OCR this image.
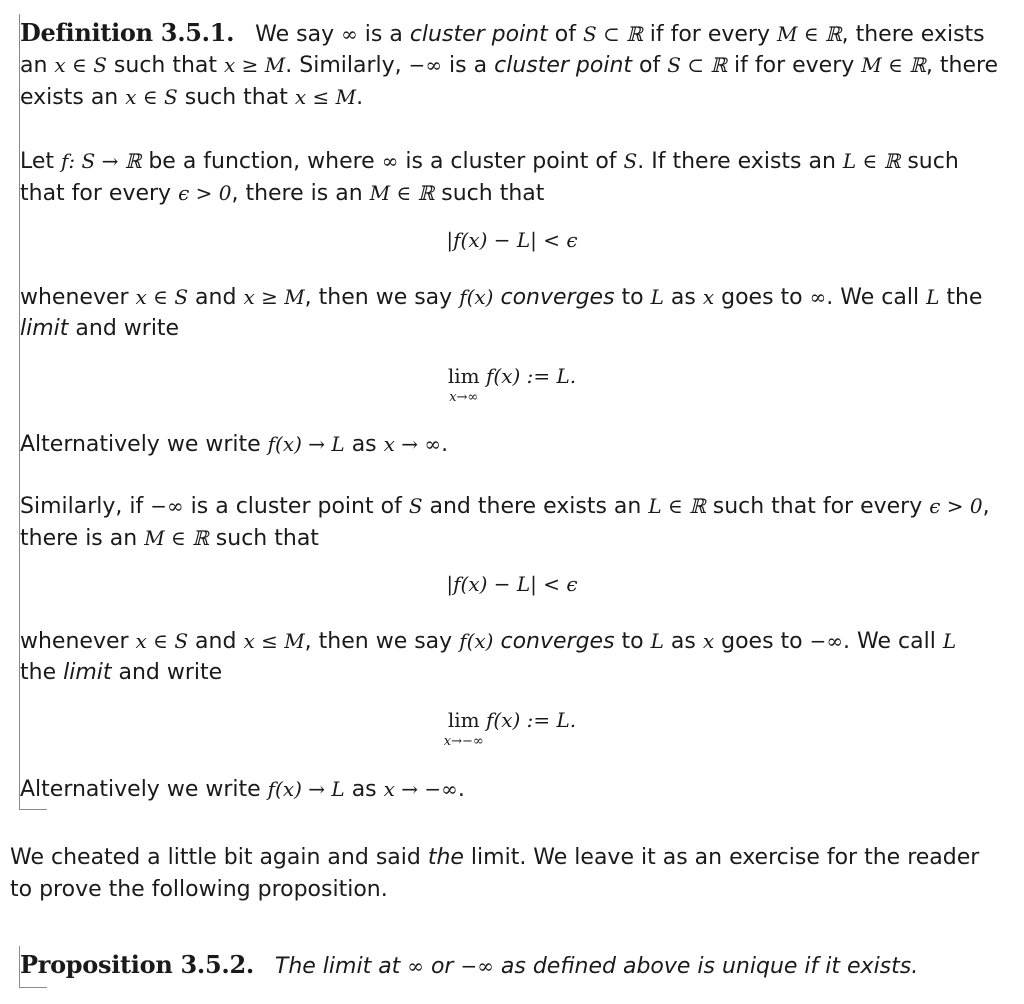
Definition 3.5.1. We say ∞ is a cluster point of S ⊂ ℝ if for every M ∈ ℝ, there exists
an x ∈ S such that x ≥ M. Similarly, −∞ is a cluster point of S ⊂ ℝ if for every M ∈ ℝ, there
exists an x ∈ S such that x ≤ M.
Let f: S → ℝ be a function, where ∞ is a cluster point of S. If there exists an L ∈ ℝ such
that for every ϵ > 0, there is an M ∈ ℝ such that
|f(x) − L| < ϵ
whenever x ∈ S and x ≥ M, then we say f(x) converges to L as x goes to ∞. We call L the
limit and write
lim
x→∞
f(x) := L.
Alternatively we write f(x) → L as x → ∞.
Similarly, if −∞ is a cluster point of S and there exists an L ∈ ℝ such that for every ϵ > 0,
there is an M ∈ ℝ such that
|f(x) − L| < ϵ
whenever x ∈ S and x ≤ M, then we say f(x) converges to L as x goes to −∞. We call L
the limit and write
lim
x→−∞
f(x) := L.
Alternatively we write f(x) → L as x → −∞.
We cheated a little bit again and said the limit. We leave it as an exercise for the reader
to prove the following proposition.
Proposition 3.5.2. The limit at ∞ or −∞ as defined above is unique if it exists.
